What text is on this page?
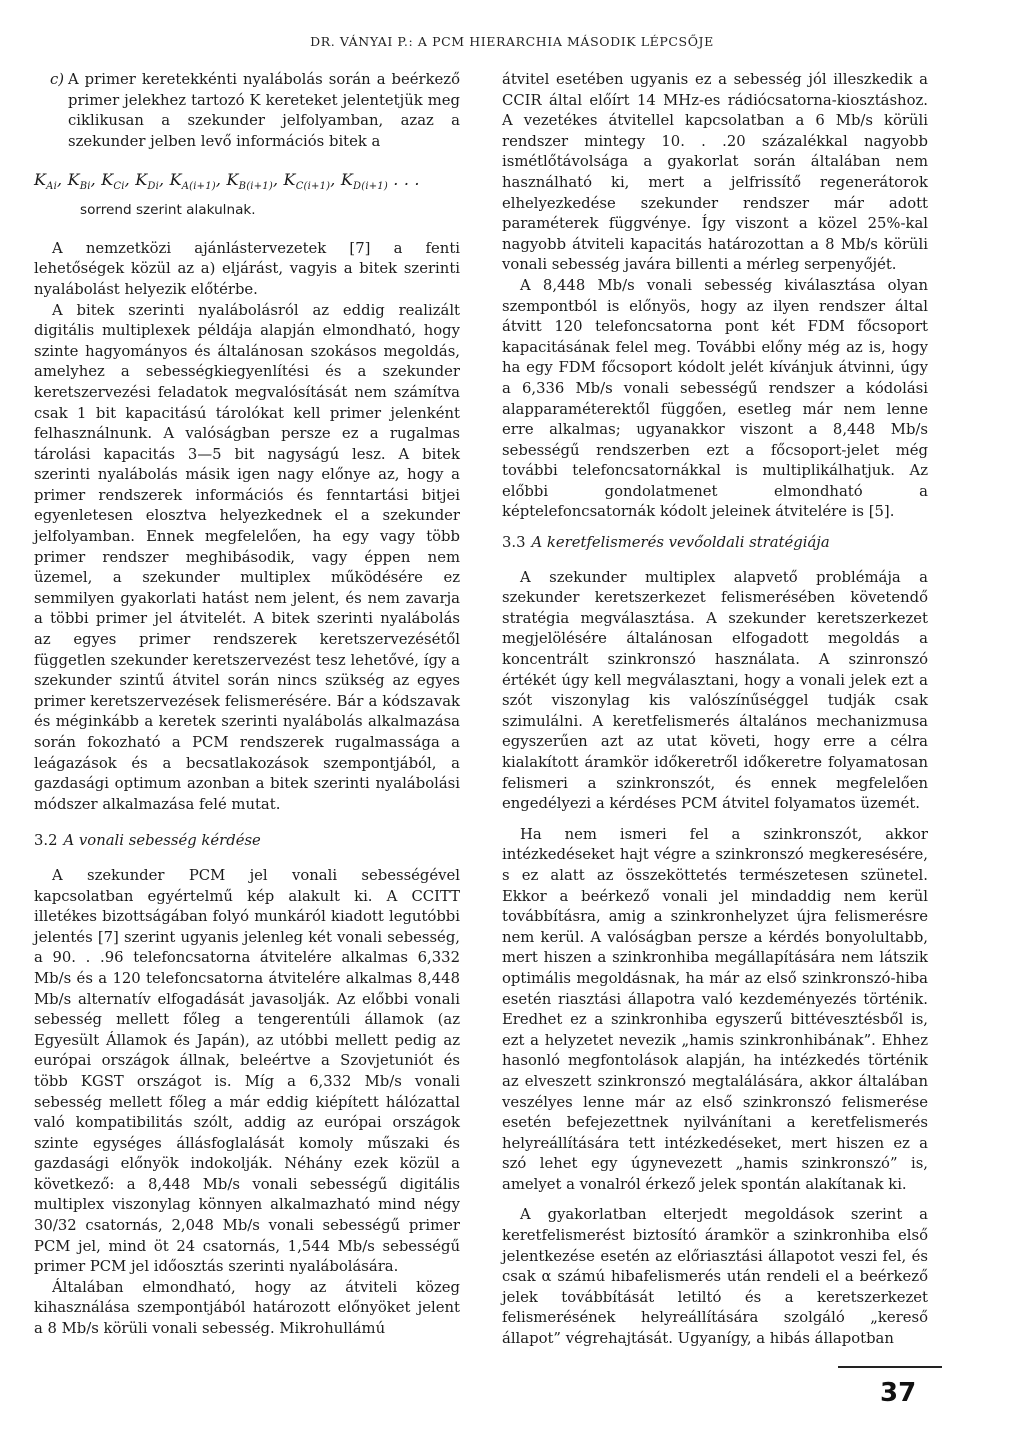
DR. VÁNYAI P.: A PCM HIERARCHIA MÁSODIK LÉPCSŐJE
c) A primer keretekkénti nyalábolás során a beérkező primer jelekhez tartozó K kereteket jelentetjük meg ciklikusan a szekunder jelfolyamban, azaz a szekunder jelben levő információs bitek a

$K_{Ai}$, $K_{Bi}$, $K_{Ci}$, $K_{Di}$, $K_{A(i+1)}$, $K_{B(i+1)}$, $K_{C(i+1)}$, $K_{D(i+1)}$ . . .

sorrend szerint alakulnak.

A nemzetközi ajánlástervezetek [7] a fenti lehetőségek közül az a) eljárást, vagyis a bitek szerinti nyalábolást helyezik előtérbe.

A bitek szerinti nyalábolásról az eddig realizált digitális multiplexek példája alapján elmondható, hogy szinte hagyományos és általánosan szokásos megoldás, amelyhez a sebességkiegyenlítési és a szekunder keretszervezési feladatok megvalósítását nem számítva csak 1 bit kapacitású tárolókat kell primer jelenként felhasználnunk. A valóságban persze ez a rugalmas tárolási kapacitás 3—5 bit nagyságú lesz. A bitek szerinti nyalábolás másik igen nagy előnye az, hogy a primer rendszerek információs és fenntartási bitjei egyenletesen elosztva helyezkednek el a szekunder jelfolyamban. Ennek megfelelően, ha egy vagy több primer rendszer meghibásodik, vagy éppen nem üzemel, a szekunder multiplex működésére ez semmilyen gyakorlati hatást nem jelent, és nem zavarja a többi primer jel átvitelét. A bitek szerinti nyalábolás az egyes primer rendszerek keretszervezésétől független szekunder keretszervezést tesz lehetővé, így a szekunder szintű átvitel során nincs szükség az egyes primer keretszervezések felismerésére. Bár a kódszavak és méginkább a keretek szerinti nyalábolás alkalmazása során fokozható a PCM rendszerek rugalmassága a leágazások és a becsatlakozások szempontjából, a gazdasági optimum azonban a bitek szerinti nyalábolási módszer alkalmazása felé mutat.

3.2 A vonali sebesség kérdése

A szekunder PCM jel vonali sebességével kapcsolatban egyértelmű kép alakult ki. A CCITT illetékes bizottságában folyó munkáról kiadott legutóbbi jelentés [7] szerint ugyanis jelenleg két vonali sebesség, a 90. . .96 telefoncsatorna átvitelére alkalmas 6,332 Mb/s és a 120 telefoncsatorna átvitelére alkalmas 8,448 Mb/s alternatív elfogadását javasolják. Az előbbi vonali sebesség mellett főleg a tengerentúli államok (az Egyesült Államok és Japán), az utóbbi mellett pedig az európai országok állnak, beleértve a Szovjetuniót és több KGST országot is. Míg a 6,332 Mb/s vonali sebesség mellett főleg a már eddig kiépített hálózattal való kompatibilitás szólt, addig az európai országok szinte egységes állásfoglalását komoly műszaki és gazdasági előnyök indokolják. Néhány ezek közül a következő: a 8,448 Mb/s vonali sebességű digitális multiplex viszonylag könnyen alkalmazható mind négy 30/32 csatornás, 2,048 Mb/s vonali sebességű primer PCM jel, mind öt 24 csatornás, 1,544 Mb/s sebességű primer PCM jel időosztás szerinti nyalábolására.

Általában elmondható, hogy az átviteli közeg kihasználása szempontjából határozott előnyöket jelent a 8 Mb/s körüli vonali sebesség. Mikrohullámú

átvitel esetében ugyanis ez a sebesség jól illeszkedik a CCIR által előírt 14 MHz-es rádiócsatorna-kiosztáshoz. A vezetékes átvitellel kapcsolatban a 6 Mb/s körüli rendszer mintegy 10. . .20 százalékkal nagyobb ismétlőtávolsága a gyakorlat során általában nem használható ki, mert a jelfrissítő regenerátorok elhelyezkedése szekunder rendszer már adott paraméterek függvénye. Így viszont a közel 25%-kal nagyobb átviteli kapacitás határozottan a 8 Mb/s körüli vonali sebesség javára billenti a mérleg serpenyőjét.

A 8,448 Mb/s vonali sebesség kiválasztása olyan szempontból is előnyös, hogy az ilyen rendszer által átvitt 120 telefoncsatorna pont két FDM főcsoport kapacitásának felel meg. További előny még az is, hogy ha egy FDM főcsoport kódolt jelét kívánjuk átvinni, úgy a 6,336 Mb/s vonali sebességű rendszer a kódolási alapparaméterektől függően, esetleg már nem lenne erre alkalmas; ugyanakkor viszont a 8,448 Mb/s sebességű rendszerben ezt a főcsoport-jelet még további telefoncsatornákkal is multiplikálhatjuk. Az előbbi gondolatmenet elmondható a képtelefoncsatornák kódolt jeleinek átvitelére is [5].

3.3 A keretfelismerés vevőoldali stratégiája

A szekunder multiplex alapvető problémája a szekunder keretszerkezet felismerésében követendő stratégia megválasztása. A szekunder keretszerkezet megjelölésére általánosan elfogadott megoldás a koncentrált szinkronszó használata. A szinronszó értékét úgy kell megválasztani, hogy a vonali jelek ezt a szót viszonylag kis valószínűséggel tudják csak szimulálni. A keretfelismerés általános mechanizmusa egyszerűen azt az utat követi, hogy erre a célra kialakított áramkör időkeretről időkeretre folyamatosan felismeri a szinkronszót, és ennek megfelelően engedélyezi a kérdéses PCM átvitel folyamatos üzemét.

Ha nem ismeri fel a szinkronszót, akkor intézkedéseket hajt végre a szinkronszó megkeresésére, s ez alatt az összeköttetés természetesen szünetel. Ekkor a beérkező vonali jel mindaddig nem kerül továbbításra, amig a szinkronhelyzet újra felismerésre nem kerül. A valóságban persze a kérdés bonyolultabb, mert hiszen a szinkronhiba megállapítására nem látszik optimális megoldásnak, ha már az első szinkronszó-hiba esetén riasztási állapotra való kezdeményezés történik. Eredhet ez a szinkronhiba egyszerű bittévesztésből is, ezt a helyzetet nevezik „hamis szinkronhibának”. Ehhez hasonló megfontolások alapján, ha intézkedés történik az elveszett szinkronszó megtalálására, akkor általában veszélyes lenne már az első szinkronszó felismerése esetén befejezettnek nyilvánítani a keretfelismerés helyreállítására tett intézkedéseket, mert hiszen ez a szó lehet egy úgynevezett „hamis szinkronszó” is, amelyet a vonalról érkező jelek spontán alakítanak ki.

A gyakorlatban elterjedt megoldások szerint a keretfelismerést biztosító áramkör a szinkronhiba első jelentkezése esetén az előriasztási állapotot veszi fel, és csak α számú hibafelismerés után rendeli el a beérkező jelek továbbítását letiltó és a keretszerkezet felismerésének helyreállítására szolgáló „kereső állapot” végrehajtását. Ugyanígy, a hibás állapotban

37
